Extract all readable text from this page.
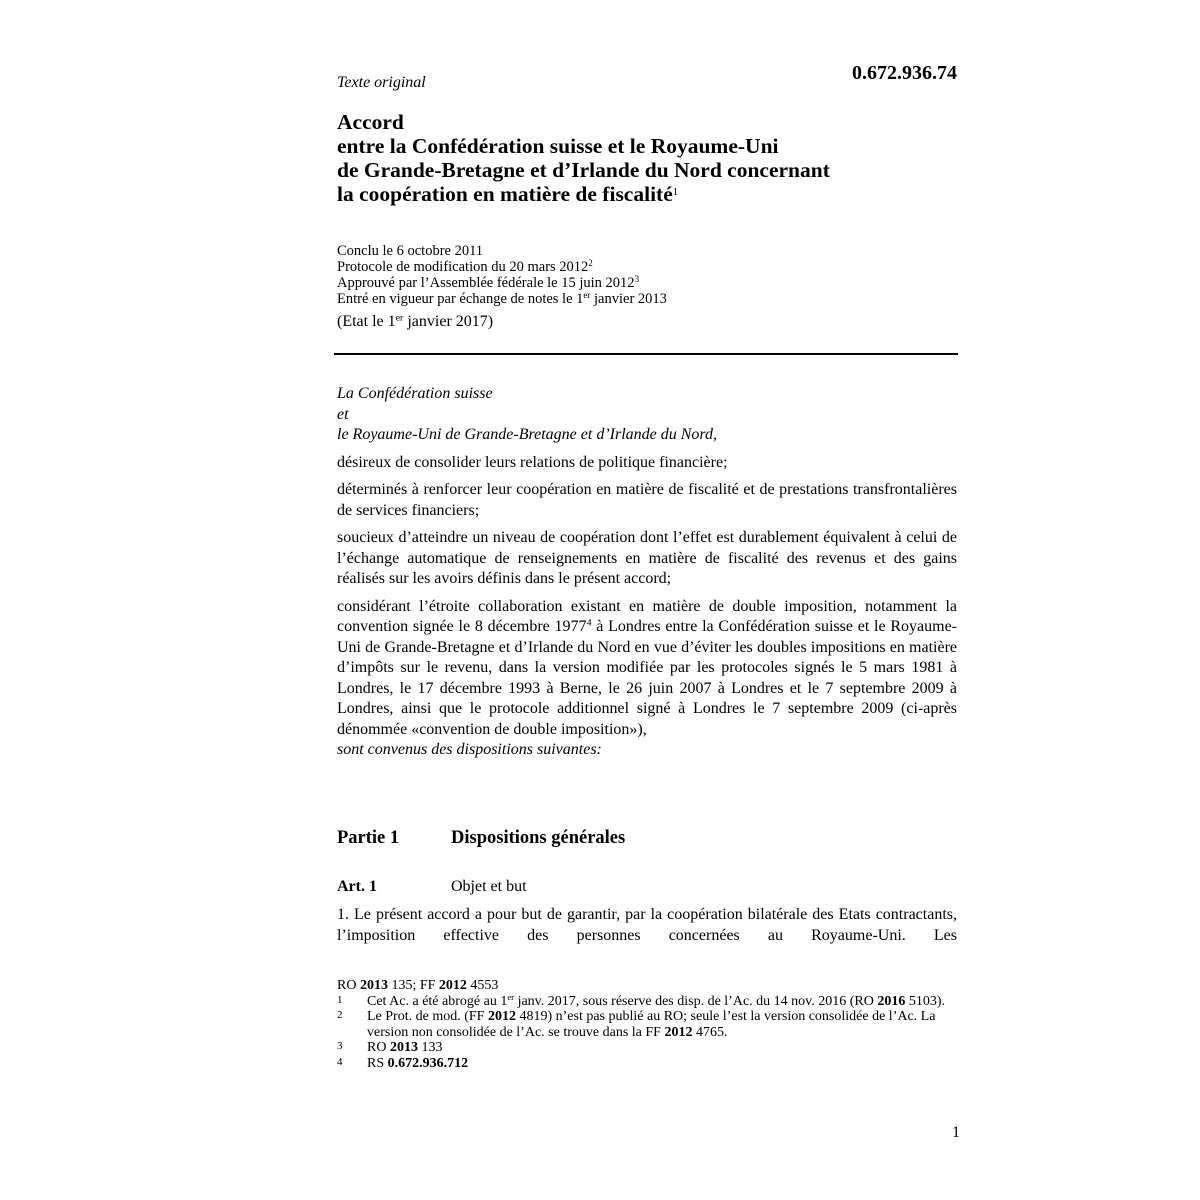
Texte original	0.672.936.74
Accord
entre la Confédération suisse et le Royaume-Uni
de Grande-Bretagne et d’Irlande du Nord concernant
la coopération en matière de fiscalité$^1$
Conclu le 6 octobre 2011
Protocole de modification du 20 mars 2012$^2$
Approuvé par l’Assemblée fédérale le 15 juin 2012$^3$
Entré en vigueur par échange de notes le 1er janvier 2013
(Etat le 1er janvier 2017)
La Confédération suisse
et
le Royaume-Uni de Grande-Bretagne et d’Irlande du Nord,
désireux de consolider leurs relations de politique financière;
déterminés à renforcer leur coopération en matière de fiscalité et de prestations transfrontalières de services financiers;
soucieux d’atteindre un niveau de coopération dont l’effet est durablement équivalent à celui de l’échange automatique de renseignements en matière de fiscalité des revenus et des gains réalisés sur les avoirs définis dans le présent accord;
considérant l’étroite collaboration existant en matière de double imposition, notamment la convention signée le 8 décembre 1977$^4$ à Londres entre la Confédération suisse et le Royaume-Uni de Grande-Bretagne et d’Irlande du Nord en vue d’éviter les doubles impositions en matière d’impôts sur le revenu, dans la version modifiée par les protocoles signés le 5 mars 1981 à Londres, le 17 décembre 1993 à Berne, le 26 juin 2007 à Londres et le 7 septembre 2009 à Londres, ainsi que le protocole additionnel signé à Londres le 7 septembre 2009 (ci-après dénommée «convention de double imposition»),
sont convenus des dispositions suivantes:
Partie 1	Dispositions générales
Art. 1	Objet et but
1. Le présent accord a pour but de garantir, par la coopération bilatérale des Etats contractants, l’imposition effective des personnes concernées au Royaume-Uni. Les
RO 2013 135; FF 2012 4553
1	Cet Ac. a été abrogé au 1er janv. 2017, sous réserve des disp. de l’Ac. du 14 nov. 2016 (RO 2016 5103).
2	Le Prot. de mod. (FF 2012 4819) n’est pas publié au RO; seule l’est la version consolidée de l’Ac. La version non consolidée de l’Ac. se trouve dans la FF 2012 4765.
3	RO 2013 133
4	RS 0.672.936.712
1
